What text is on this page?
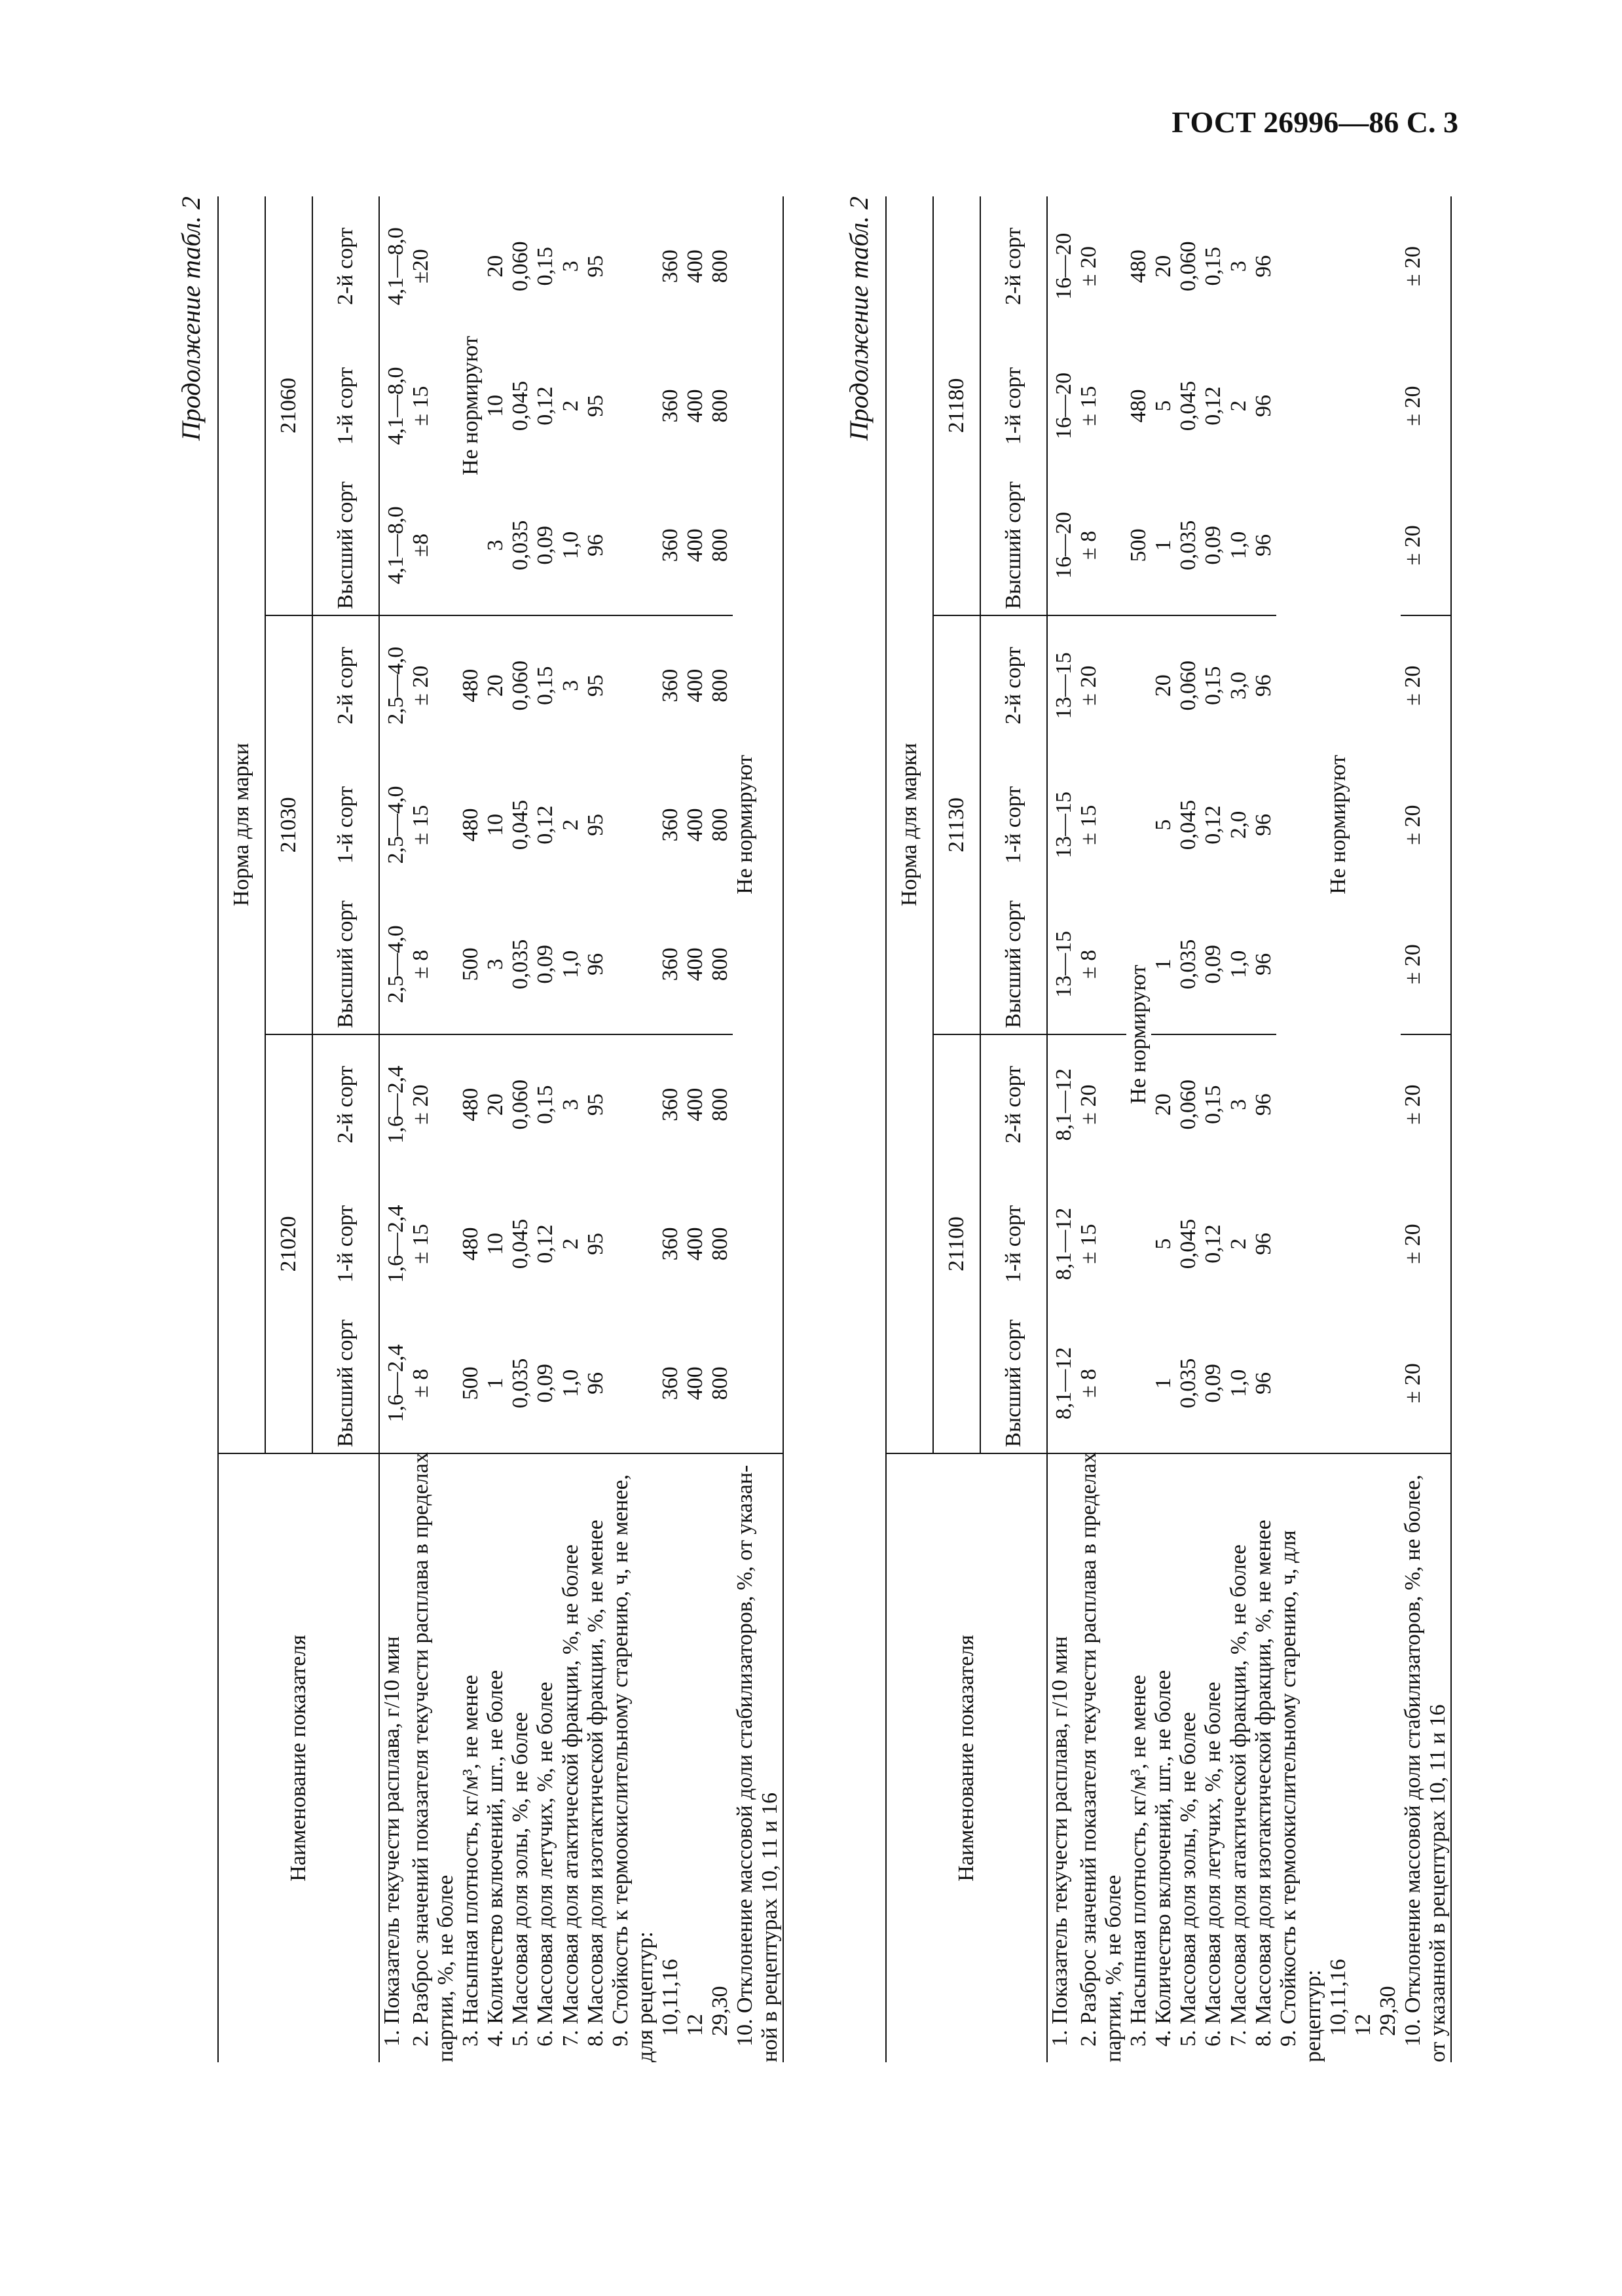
ГОСТ 26996—86 С. 3
Продолжение табл. 2
Наименование показателя	Норма для марки								
	21020			21030			21060		
	Высший сорт	1-й сорт	2-й сорт	Высший сорт	1-й сорт	2-й сорт	Высший сорт	1-й сорт	2-й сорт

1. Показатель текучести расплава, г/10 мин	1,6—2,4	1,6—2,4	1,6—2,4	2,5—4,0	2,5—4,0	2,5—4,0	4,1—8,0	4,1—8,0	4,1—8,0

2. Разброс значений показателя текучести расплава в пределах партии, %, не более	± 8	± 15	± 20	± 8	± 15	± 20	±8	± 15	±20

3. Насыпная плотность, кг/м³, не менее	500	480	480	500	480	480	Не нормируют		

4. Количество включений, шт., не более	1	10	20	3	10	20	3	10	20

5. Массовая доля золы, %, не более	0,035	0,045	0,060	0,035	0,045	0,060	0,035	0,045	0,060

6. Массовая доля летучих, %, не более	0,09	0,12	0,15	0,09	0,12	0,15	0,09	0,12	0,15

7. Массовая доля атактической фракции, %, не более	1,0	2	3	1,0	2	3	1,0	2	3

8. Массовая доля изотактической фракции, %, не менее	96	95	95	96	95	95	96	95	95

9. Стойкость к термоокислительному старению, ч, не менее, для рецептур:									

10,11,16	360	360	360	360	360	360	360	360	360

12	400	400	400	400	400	400	400	400	400

29,30	800	800	800	800	800	800	800	800	800

10. Отклонение массовой доли стабилизаторов, %, от указан- ной в рецептурах 10, 11 и 16	Не нормируют								
Продолжение табл. 2
Наименование показателя	Норма для марки								
	21100			21130			21180		
	Высший сорт	1-й сорт	2-й сорт	Высший сорт	1-й сорт	2-й сорт	Высший сорт	1-й сорт	2-й сорт

1. Показатель текучести расплава, г/10 мин	8,1—12	8,1—12	8,1—12	13—15	13—15	13—15	16—20	16—20	16—20

2. Разброс значений показателя текучести расплава в пределах партии, %, не более	± 8	± 15	± 20	± 8	± 15	± 20	± 8	± 15	± 20

3. Насыпная плотность, кг/м³, не менее	Не нормируют						500	480	480

4. Количество включений, шт., не более	1	5	20	1	5	20	1	5	20

5. Массовая доля золы, %, не более	0,035	0,045	0,060	0,035	0,045	0,060	0,035	0,045	0,060

6. Массовая доля летучих, %, не более	0,09	0,12	0,15	0,09	0,12	0,15	0,09	0,12	0,15

7. Массовая доля атактической фракции, %, не более	1,0	2	3	1,0	2,0	3,0	1,0	2	3

8. Массовая доля изотактической фракции, %, не менее	96	96	96	96	96	96	96	96	96

9. Стойкость к термоокислительному старению, ч, для рецептур:	Не нормируют								

10,11,16									

12									

29,30									

10. Отклонение массовой доли стабилизаторов, %, не более, от указанной в рецептурах 10, 11 и 16	± 20	± 20	± 20	± 20	± 20	± 20	± 20	± 20	± 20
